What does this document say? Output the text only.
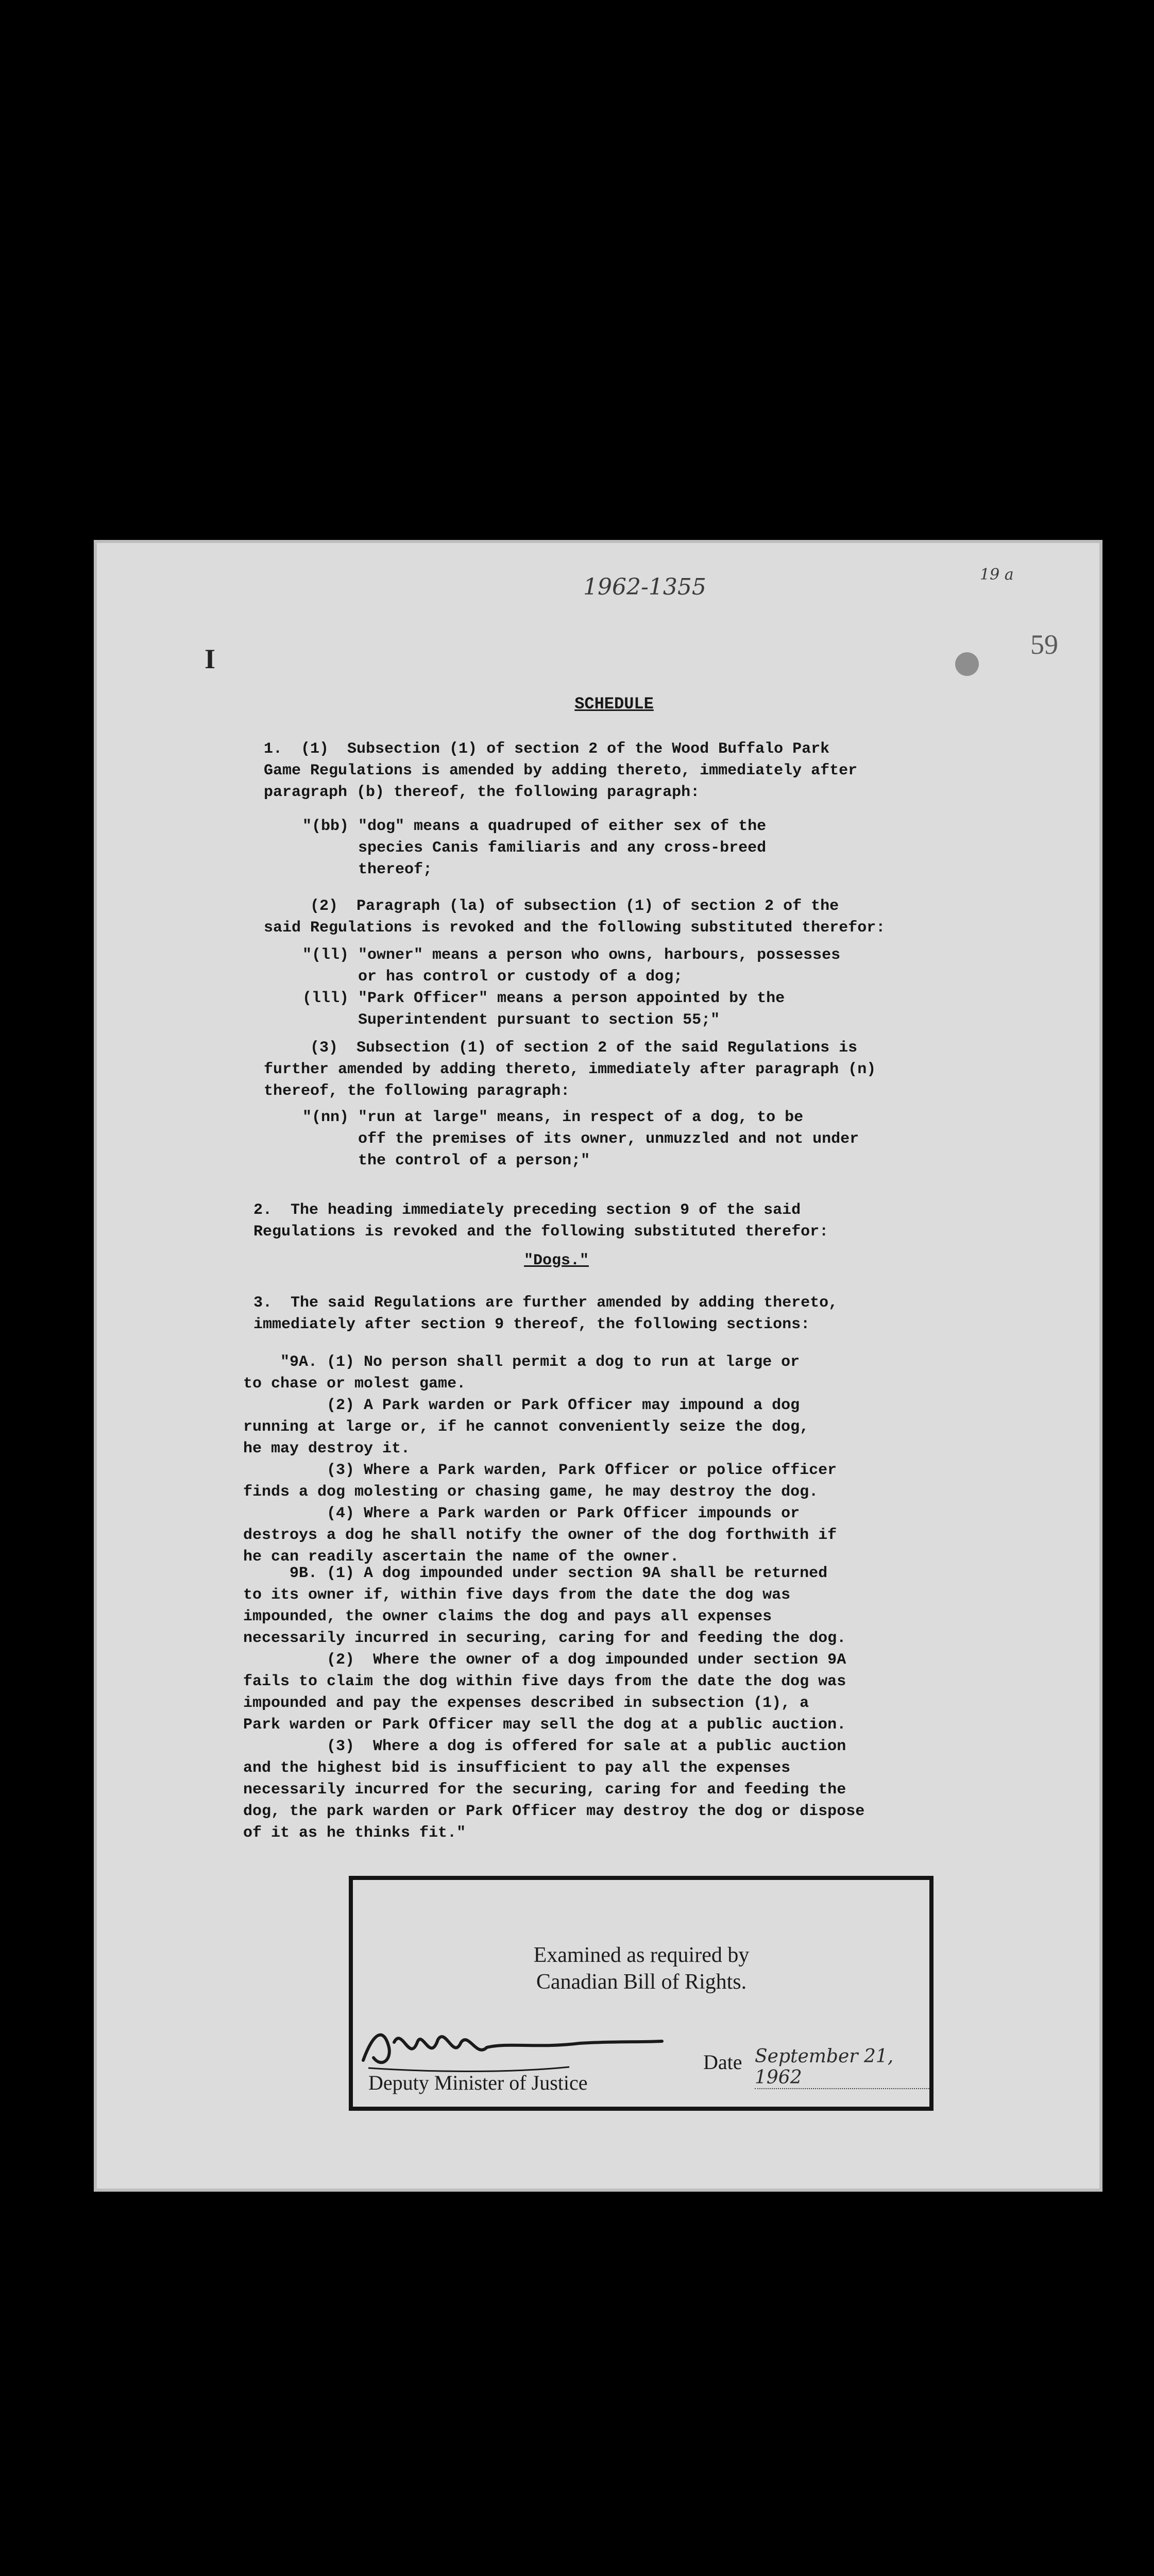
1962-1355	19 a
59
I
SCHEDULE
1.  (1)  Subsection (1) of section 2 of the Wood Buffalo Park
Game Regulations is amended by adding thereto, immediately after
paragraph (b) thereof, the following paragraph:
"(bb) "dog" means a quadruped of either sex of the
species Canis familiaris and any cross-breed
thereof;
(2)  Paragraph (la) of subsection (1) of section 2 of the
said Regulations is revoked and the following substituted therefor:
"(ll) "owner" means a person who owns, harbours, possesses
or has control or custody of a dog;
(lll) "Park Officer" means a person appointed by the
Superintendent pursuant to section 55;"
(3)  Subsection (1) of section 2 of the said Regulations is
further amended by adding thereto, immediately after paragraph (n)
thereof, the following paragraph:
"(nn) "run at large" means, in respect of a dog, to be
off the premises of its owner, unmuzzled and not under
the control of a person;"
2.  The heading immediately preceding section 9 of the said
Regulations is revoked and the following substituted therefor:
"Dogs."
3.  The said Regulations are further amended by adding thereto,
immediately after section 9 thereof, the following sections:
"9A. (1) No person shall permit a dog to run at large or
to chase or molest game.
(2) A Park warden or Park Officer may impound a dog
running at large or, if he cannot conveniently seize the dog,
he may destroy it.
(3) Where a Park warden, Park Officer or police officer
finds a dog molesting or chasing game, he may destroy the dog.
(4) Where a Park warden or Park Officer impounds or
destroys a dog he shall notify the owner of the dog forthwith if
he can readily ascertain the name of the owner.
9B. (1) A dog impounded under section 9A shall be returned
to its owner if, within five days from the date the dog was
impounded, the owner claims the dog and pays all expenses
necessarily incurred in securing, caring for and feeding the dog.
(2)  Where the owner of a dog impounded under section 9A
fails to claim the dog within five days from the date the dog was
impounded and pay the expenses described in subsection (1), a
Park warden or Park Officer may sell the dog at a public auction.
(3)  Where a dog is offered for sale at a public auction
and the highest bid is insufficient to pay all the expenses
necessarily incurred for the securing, caring for and feeding the
dog, the park warden or Park Officer may destroy the dog or dispose
of it as he thinks fit."
Examined as required by
Canadian Bill of Rights.
Deputy Minister of Justice
Date September 21, 1962
